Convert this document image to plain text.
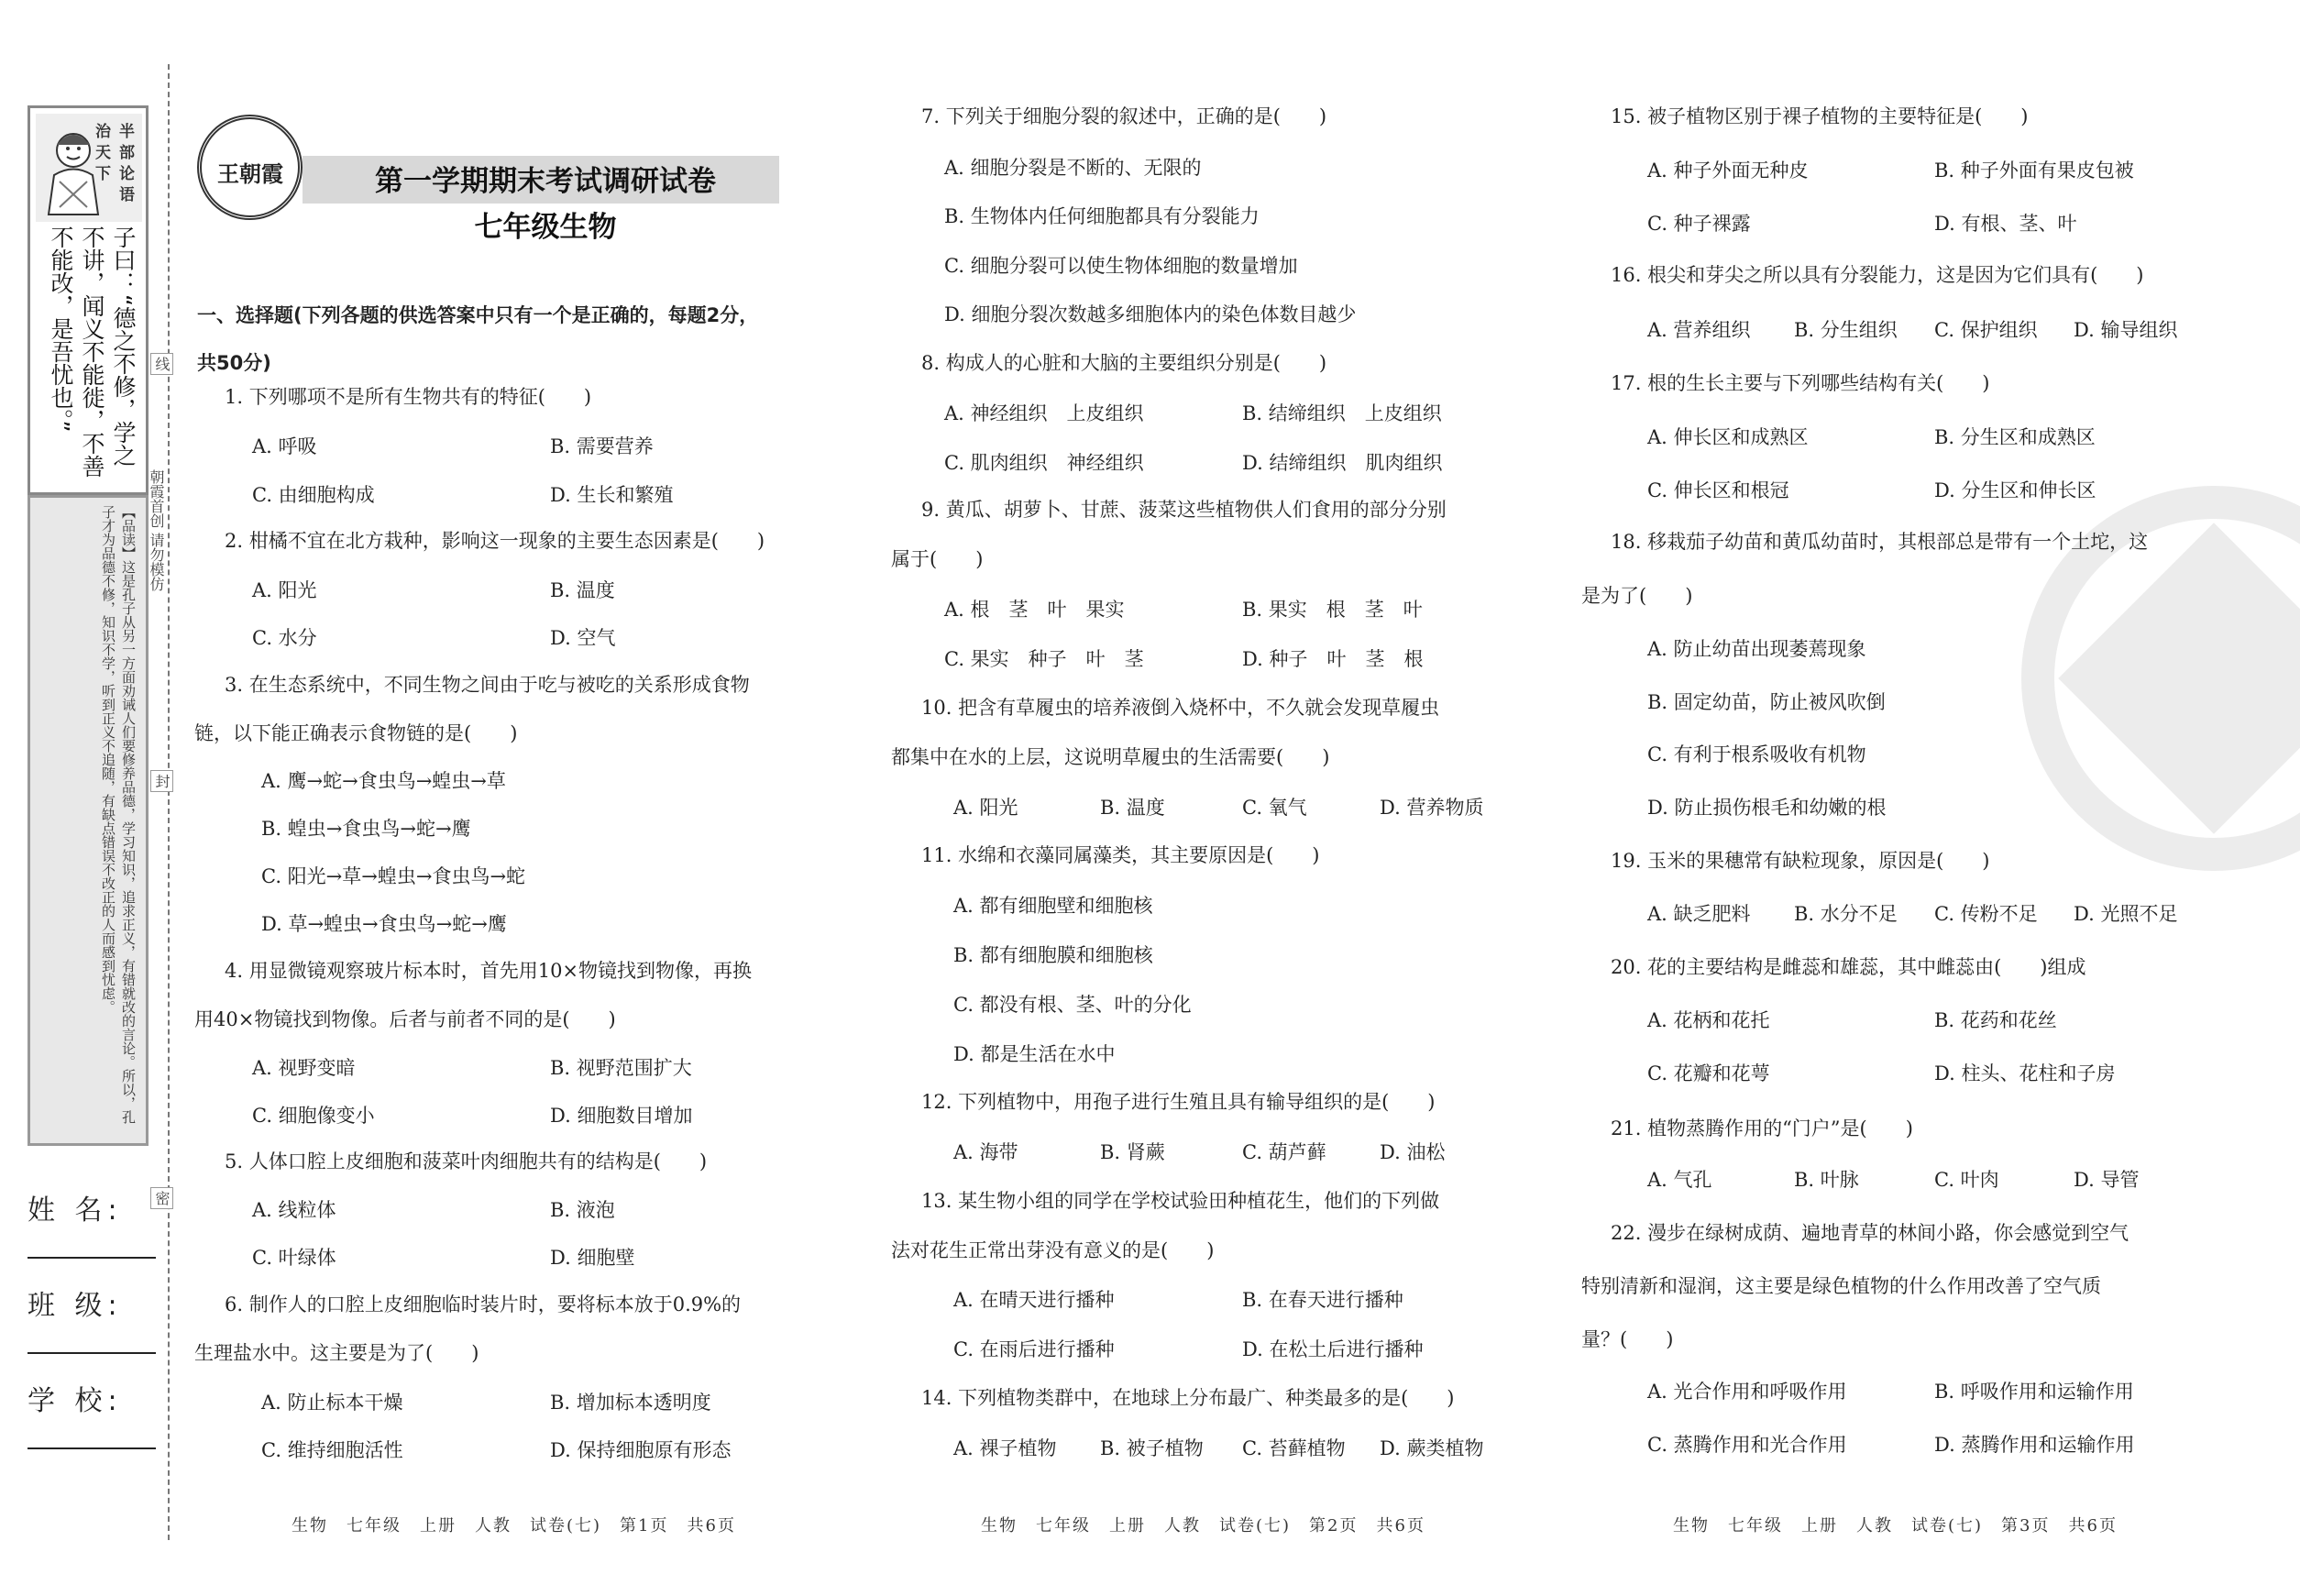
半部论语治天下
子曰：“德之不修，学之不讲，闻义不能徙，不善不能改，是吾忧也。”
【品读】这是孔子从另一方面劝诫人们要修养品德，学习知识，追求正义，有错就改的言论。所以，孔子才为品德不修，知识不学，听到正义不追随，有缺点错误不改正的人而感到忧虑。
姓 名:
班 级:
学 校:
线
朝霞首创 请勿模仿
封
密
王朝霞	第一学期期末考试调研试卷
七年级生物
一、选择题(下列各题的供选答案中只有一个是正确的，每题2分，
共50分)
1. 下列哪项不是所有生物共有的特征(　　)
A. 呼吸	B. 需要营养
C. 由细胞构成	D. 生长和繁殖
2. 柑橘不宜在北方栽种，影响这一现象的主要生态因素是(　　)
A. 阳光	B. 温度
C. 水分	D. 空气
3. 在生态系统中，不同生物之间由于吃与被吃的关系形成食物
链，以下能正确表示食物链的是(　　)
A. 鹰→蛇→食虫鸟→蝗虫→草
B. 蝗虫→食虫鸟→蛇→鹰
C. 阳光→草→蝗虫→食虫鸟→蛇
D. 草→蝗虫→食虫鸟→蛇→鹰
4. 用显微镜观察玻片标本时，首先用10×物镜找到物像，再换
用40×物镜找到物像。后者与前者不同的是(　　)
A. 视野变暗	B. 视野范围扩大
C. 细胞像变小	D. 细胞数目增加
5. 人体口腔上皮细胞和菠菜叶肉细胞共有的结构是(　　)
A. 线粒体	B. 液泡
C. 叶绿体	D. 细胞壁
6. 制作人的口腔上皮细胞临时装片时，要将标本放于0.9%的
生理盐水中。这主要是为了(　　)
A. 防止标本干燥	B. 增加标本透明度
C. 维持细胞活性	D. 保持细胞原有形态
7. 下列关于细胞分裂的叙述中，正确的是(　　)
A. 细胞分裂是不断的、无限的
B. 生物体内任何细胞都具有分裂能力
C. 细胞分裂可以使生物体细胞的数量增加
D. 细胞分裂次数越多细胞体内的染色体数目越少
8. 构成人的心脏和大脑的主要组织分别是(　　)
A. 神经组织　上皮组织	B. 结缔组织　上皮组织
C. 肌肉组织　神经组织	D. 结缔组织　肌肉组织
9. 黄瓜、胡萝卜、甘蔗、菠菜这些植物供人们食用的部分分别
属于(　　)
A. 根　茎　叶　果实	B. 果实　根　茎　叶
C. 果实　种子　叶　茎	D. 种子　叶　茎　根
10. 把含有草履虫的培养液倒入烧杯中，不久就会发现草履虫
都集中在水的上层，这说明草履虫的生活需要(　　)
A. 阳光	B. 温度	C. 氧气	D. 营养物质
11. 水绵和衣藻同属藻类，其主要原因是(　　)
A. 都有细胞壁和细胞核
B. 都有细胞膜和细胞核
C. 都没有根、茎、叶的分化
D. 都是生活在水中
12. 下列植物中，用孢子进行生殖且具有输导组织的是(　　)
A. 海带	B. 肾蕨	C. 葫芦藓	D. 油松
13. 某生物小组的同学在学校试验田种植花生，他们的下列做
法对花生正常出芽没有意义的是(　　)
A. 在晴天进行播种	B. 在春天进行播种
C. 在雨后进行播种	D. 在松土后进行播种
14. 下列植物类群中，在地球上分布最广、种类最多的是(　　)
A. 裸子植物 B. 被子植物 C. 苔藓植物 D. 蕨类植物
15. 被子植物区别于裸子植物的主要特征是(　　)
A. 种子外面无种皮	B. 种子外面有果皮包被
C. 种子裸露	D. 有根、茎、叶
16. 根尖和芽尖之所以具有分裂能力，这是因为它们具有(　　)
A. 营养组织 B. 分生组织 C. 保护组织 D. 输导组织
17. 根的生长主要与下列哪些结构有关(　　)
A. 伸长区和成熟区	B. 分生区和成熟区
C. 伸长区和根冠	D. 分生区和伸长区
18. 移栽茄子幼苗和黄瓜幼苗时，其根部总是带有一个土坨，这
是为了(　　)
A. 防止幼苗出现萎蔫现象
B. 固定幼苗，防止被风吹倒
C. 有利于根系吸收有机物
D. 防止损伤根毛和幼嫩的根
19. 玉米的果穗常有缺粒现象，原因是(　　)
A. 缺乏肥料 B. 水分不足 C. 传粉不足 D. 光照不足
20. 花的主要结构是雌蕊和雄蕊，其中雌蕊由(　　)组成
A. 花柄和花托	B. 花药和花丝
C. 花瓣和花萼	D. 柱头、花柱和子房
21. 植物蒸腾作用的“门户”是(　　)
A. 气孔	B. 叶脉	C. 叶肉	D. 导管
22. 漫步在绿树成荫、遍地青草的林间小路，你会感觉到空气
特别清新和湿润，这主要是绿色植物的什么作用改善了空气质
量？(　　)
A. 光合作用和呼吸作用	B. 呼吸作用和运输作用
C. 蒸腾作用和光合作用	D. 蒸腾作用和运输作用
生物　七年级　上册　人教　试卷(七)　第1页　共6页	生物　七年级　上册　人教　试卷(七)　第2页　共6页	生物　七年级　上册　人教　试卷(七)　第3页　共6页
